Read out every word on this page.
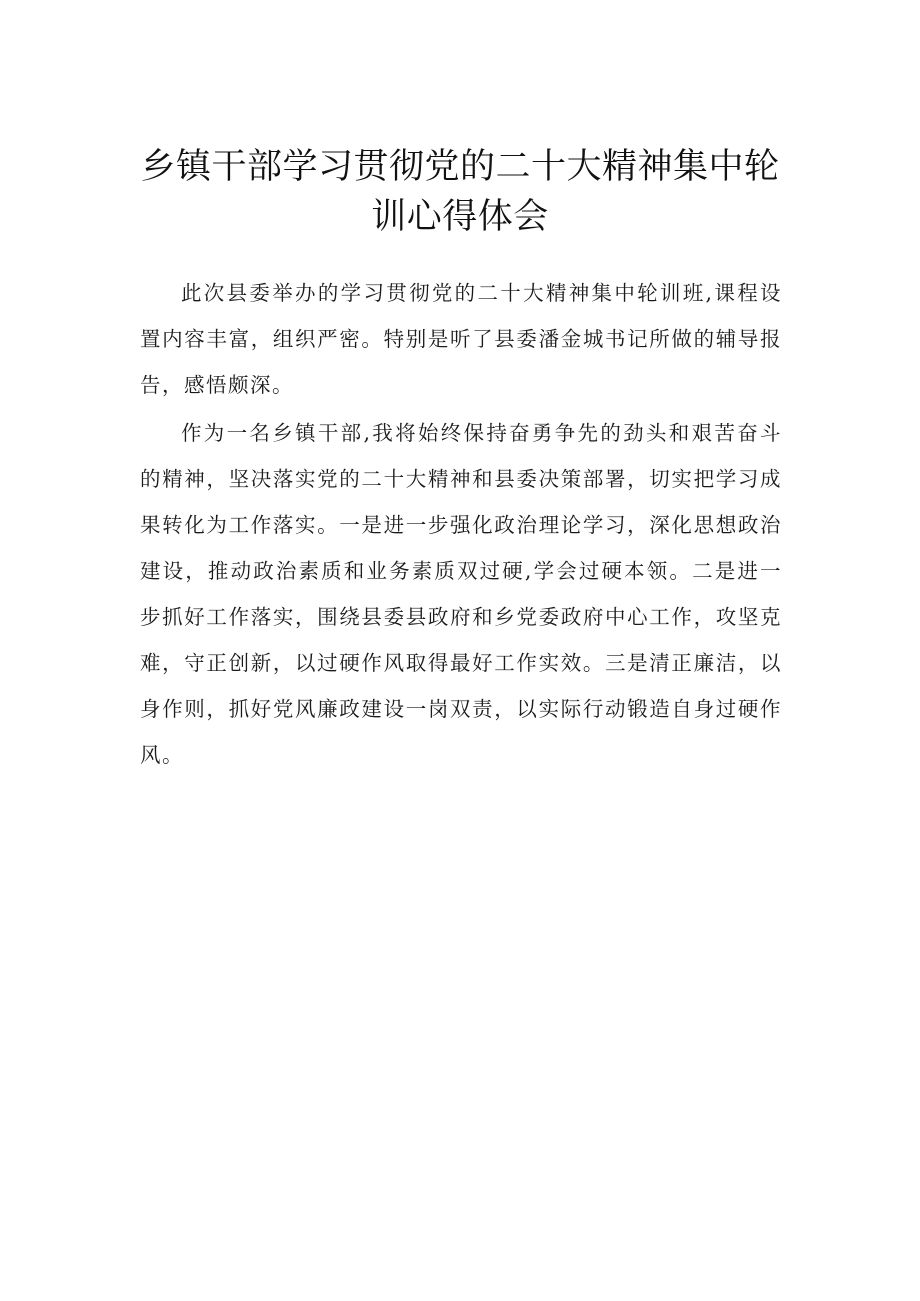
乡镇干部学习贯彻党的二十大精神集中轮
训心得体会

此次县委举办的学习贯彻党的二十大精神集中轮训班,课程设置内容丰富，组织严密。特别是听了县委潘金城书记所做的辅导报告，感悟颇深。

作为一名乡镇干部,我将始终保持奋勇争先的劲头和艰苦奋斗的精神，坚决落实党的二十大精神和县委决策部署，切实把学习成果转化为工作落实。一是进一步强化政治理论学习，深化思想政治建设，推动政治素质和业务素质双过硬,学会过硬本领。二是进一步抓好工作落实，围绕县委县政府和乡党委政府中心工作，攻坚克难，守正创新，以过硬作风取得最好工作实效。三是清正廉洁，以身作则，抓好党风廉政建设一岗双责，以实际行动锻造自身过硬作风。
